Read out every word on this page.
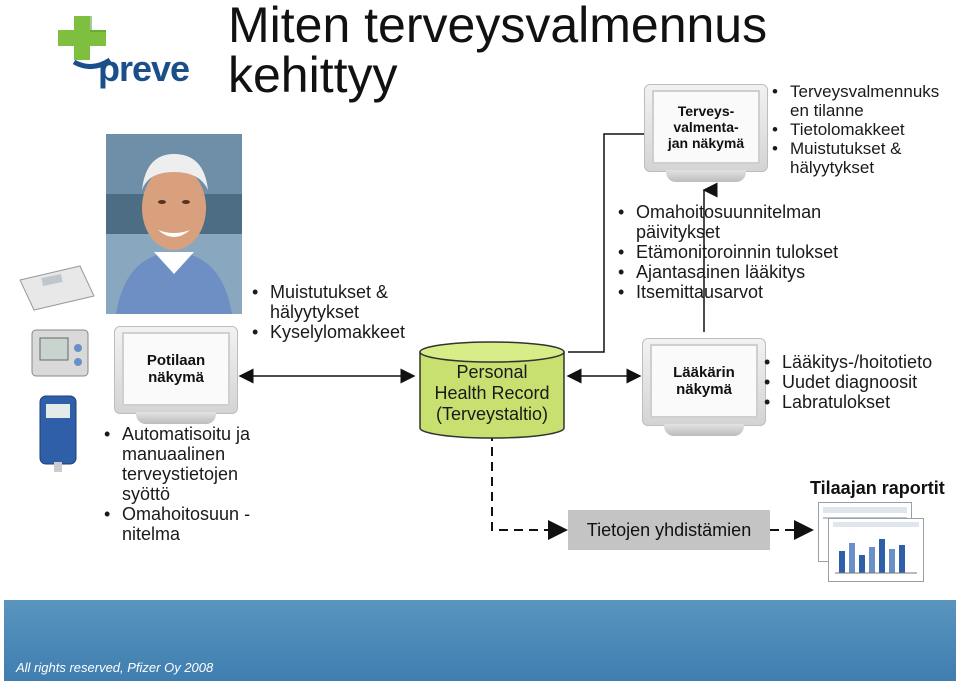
preve
Miten terveysvalmennus
kehittyy
Potilaan näkymä
• Automatisoitu ja manuaalinen terveystietojen syöttö
• Omahoitosuun -nitelma
• Muistutukset & hälyytykset
• Kyselylomakkeet
Personal
Health Record
(Terveystaltio)
Terveys-valmenta-jan näkymä
• Terveysvalmennuks en tilanne
• Tietolomakkeet
• Muistutukset & hälyytykset
• Omahoitosuunnitelman päivitykset
• Etämonitoroinnin tulokset
• Ajantasainen lääkitys
• Itsemittausarvot
Lääkärin näkymä
• Lääkitys-/hoitotieto
• Uudet diagnoosit
• Labratulokset
Tietojen yhdistämien
Tilaajan raportit
All rights reserved, Pfizer Oy 2008
